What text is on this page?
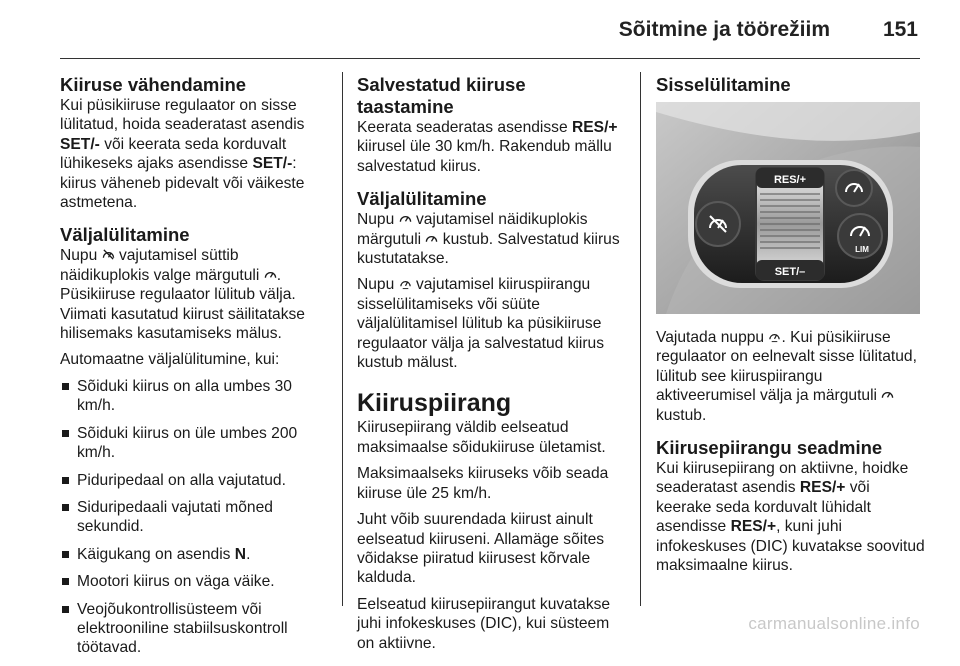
Sõitmine ja töörežiim	151
Kiiruse vähendamine

Kui püsikiiruse regulaator on sisse lülitatud, hoida seaderatast asendis SET/- või keerata seda korduvalt lühikeseks ajaks asendisse SET/-: kiirus väheneb pidevalt või väikeste astmetena.

Väljalülitamine

Nupu  vajutamisel süttib näidikuplokis valge märgutuli .

Püsikiiruse regulaator lülitub välja. Viimati kasutatud kiirust säilitatakse hilisemaks kasutamiseks mälus.

Automaatne väljalülitumine, kui:

Sõiduki kiirus on alla umbes 30 km/h.
Sõiduki kiirus on üle umbes 200 km/h.
Piduripedaal on alla vajutatud.
Siduripedaali vajutati mõned sekundid.
Käigukang on asendis N.
Mootori kiirus on väga väike.
Veojõukontrollisüsteem või elektrooniline stabiilsuskontroll töötavad.
Salvestatud kiiruse taastamine

Keerata seaderatas asendisse RES/+ kiirusel üle 30 km/h. Rakendub mällu salvestatud kiirus.

Väljalülitamine

Nupu  vajutamisel näidikuplokis märgutuli  kustub. Salvestatud kiirus kustutatakse.

Nupu  vajutamisel kiiruspiirangu sisselülitamiseks või süüte väljalülitamisel lülitub ka püsikiiruse regulaator välja ja salvestatud kiirus kustub mälust.

Kiiruspiirang

Kiirusepiirang väldib eelseatud maksimaalse sõidukiiruse ületamist.

Maksimaalseks kiiruseks võib seada kiiruse üle 25 km/h.

Juht võib suurendada kiirust ainult eelseatud kiiruseni. Allamäge sõites võidakse piiratud kiirusest kõrvale kalduda.

Eelseatud kiirusepiirangut kuvatakse juhi infokeskuses (DIC), kui süsteem on aktiivne.

Sisselülitamine
RES/+
SET/–
LIM

Vajutada nuppu . Kui püsikiiruse regulaator on eelnevalt sisse lülitatud, lülitub see kiiruspiirangu aktiveerumisel välja ja märgutuli  kustub.

Kiirusepiirangu seadmine

Kui kiirusepiirang on aktiivne, hoidke seaderatast asendis RES/+ või keerake seda korduvalt lühidalt asendisse RES/+, kuni juhi infokeskuses (DIC) kuvatakse soovitud maksimaalne kiirus.

carmanualsonline.info
